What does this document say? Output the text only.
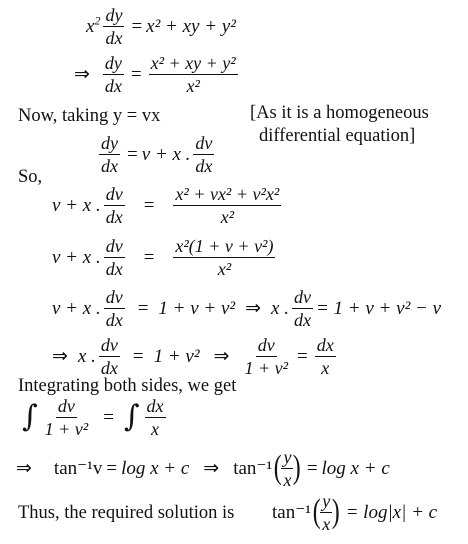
$x^2 \frac{dy}{dx} = x^2$ + xy + y²
⇒ $\frac{dy}{dx} = \frac{\text{x² + xy + y²}}{\text{x²}}$
Now, taking y = vx	[As it is a homogeneous
differential equation]
$\frac{dy}{dx} = v + x$ . $\frac{dv}{dx}$
So,
v + x . $\frac{dv}{dx} = \frac{\text{x² + vx² + v²x²}}{\text{x²}}$
v + x . $\frac{dv}{dx} = \frac{\text{x²(1 + v + v²)}}{\text{x²}}$
v + x . $\frac{dv}{dx} = 1 + v + v^2$ ⇒ x . $\frac{dv}{dx} = 1 + v + v^2 - v$
⇒ x . $\frac{dv}{dx} = 1 + v^2$ ⇒ $\frac{dv}{\text{1 + v²}} = \frac{dx}{x}$
Integrating both sides, we get
∫ $\frac{dv}{\text{1 + v²}}$ = ∫ $\frac{dx}{x}$
⇒ tan⁻¹v = log x + c ⇒ tan⁻¹ ( $\frac{y}{x}$ ) = log x + c
Thus, the required solution is tan⁻¹ ( $\frac{y}{x}$ ) = log|x| + c
